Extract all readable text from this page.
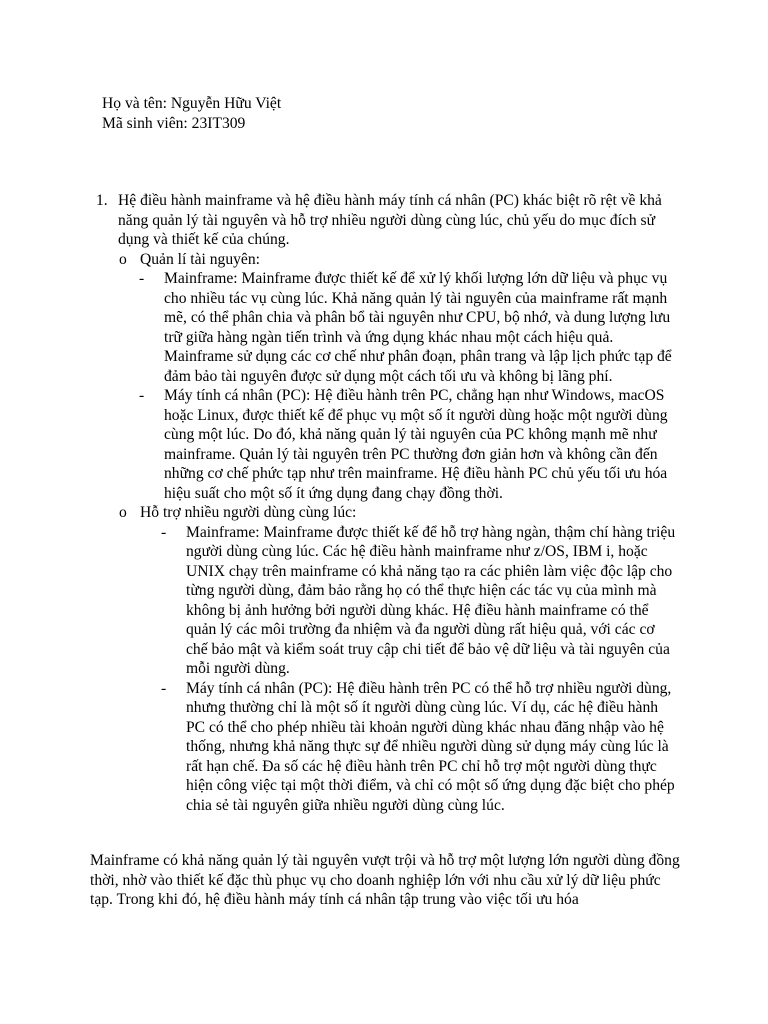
Họ và tên: Nguyễn Hữu Việt
Mã sinh viên: 23IT309
1. Hệ điều hành mainframe và hệ điều hành máy tính cá nhân (PC) khác biệt rõ rệt về khả năng quản lý tài nguyên và hỗ trợ nhiều người dùng cùng lúc, chủ yếu do mục đích sử dụng và thiết kế của chúng.
o Quản lí tài nguyên:
- Mainframe: Mainframe được thiết kế để xử lý khối lượng lớn dữ liệu và phục vụ cho nhiều tác vụ cùng lúc. Khả năng quản lý tài nguyên của mainframe rất mạnh mẽ, có thể phân chia và phân bổ tài nguyên như CPU, bộ nhớ, và dung lượng lưu trữ giữa hàng ngàn tiến trình và ứng dụng khác nhau một cách hiệu quả. Mainframe sử dụng các cơ chế như phân đoạn, phân trang và lập lịch phức tạp để đảm bảo tài nguyên được sử dụng một cách tối ưu và không bị lãng phí.
- Máy tính cá nhân (PC): Hệ điều hành trên PC, chẳng hạn như Windows, macOS hoặc Linux, được thiết kế để phục vụ một số ít người dùng hoặc một người dùng cùng một lúc. Do đó, khả năng quản lý tài nguyên của PC không mạnh mẽ như mainframe. Quản lý tài nguyên trên PC thường đơn giản hơn và không cần đến những cơ chế phức tạp như trên mainframe. Hệ điều hành PC chủ yếu tối ưu hóa hiệu suất cho một số ít ứng dụng đang chạy đồng thời.
o Hỗ trợ nhiều người dùng cùng lúc:
- Mainframe: Mainframe được thiết kế để hỗ trợ hàng ngàn, thậm chí hàng triệu người dùng cùng lúc. Các hệ điều hành mainframe như z/OS, IBM i, hoặc UNIX chạy trên mainframe có khả năng tạo ra các phiên làm việc độc lập cho từng người dùng, đảm bảo rằng họ có thể thực hiện các tác vụ của mình mà không bị ảnh hưởng bởi người dùng khác. Hệ điều hành mainframe có thể quản lý các môi trường đa nhiệm và đa người dùng rất hiệu quả, với các cơ chế bảo mật và kiểm soát truy cập chi tiết để bảo vệ dữ liệu và tài nguyên của mỗi người dùng.
- Máy tính cá nhân (PC): Hệ điều hành trên PC có thể hỗ trợ nhiều người dùng, nhưng thường chỉ là một số ít người dùng cùng lúc. Ví dụ, các hệ điều hành PC có thể cho phép nhiều tài khoản người dùng khác nhau đăng nhập vào hệ thống, nhưng khả năng thực sự để nhiều người dùng sử dụng máy cùng lúc là rất hạn chế. Đa số các hệ điều hành trên PC chỉ hỗ trợ một người dùng thực hiện công việc tại một thời điểm, và chỉ có một số ứng dụng đặc biệt cho phép chia sẻ tài nguyên giữa nhiều người dùng cùng lúc.
Mainframe có khả năng quản lý tài nguyên vượt trội và hỗ trợ một lượng lớn người dùng đồng thời, nhờ vào thiết kế đặc thù phục vụ cho doanh nghiệp lớn với nhu cầu xử lý dữ liệu phức tạp. Trong khi đó, hệ điều hành máy tính cá nhân tập trung vào việc tối ưu hóa
